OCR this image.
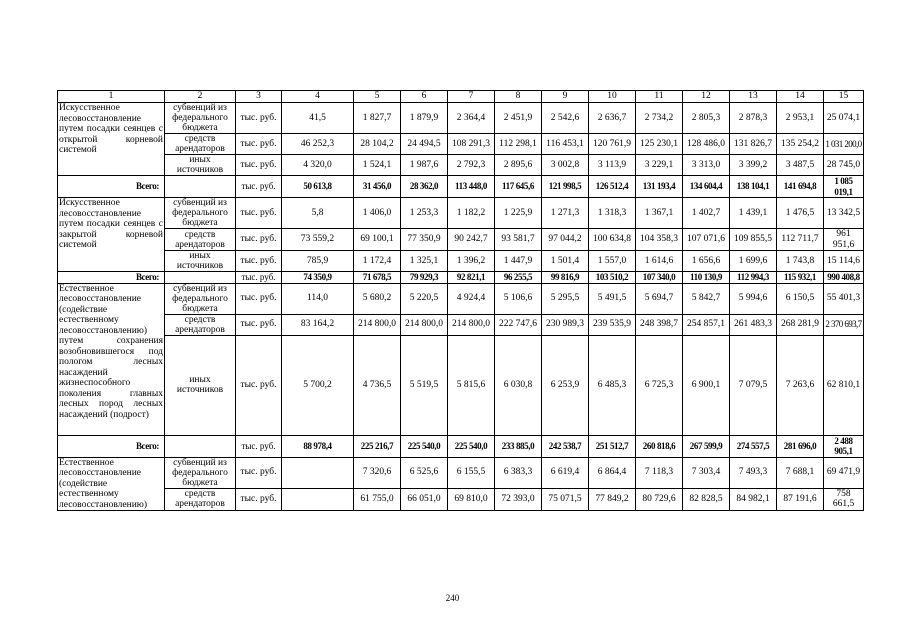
1	2	3	4	5	6	7	8	9	10	11	12	13	14	15
Искусственное лесовосстановление путем посадки сеянцев с открытой корневой системой	субвенций из федерального бюджета	тыс. руб.	41,5	1 827,7	1 879,9	2 364,4	2 451,9	2 542,6	2 636,7	2 734,2	2 805,3	2 878,3	2 953,1	25 074,1
	средств арендаторов	тыс. руб.	46 252,3	28 104,2	24 494,5	108 291,3	112 298,1	116 453,1	120 761,9	125 230,1	128 486,0	131 826,7	135 254,2	1 031 200,0
	иных источников	тыс. руб.	4 320,0	1 524,1	1 987,6	2 792,3	2 895,6	3 002,8	3 113,9	3 229,1	3 313,0	3 399,2	3 487,5	28 745,0
Всего:		тыс. руб.	50 613,8	31 456,0	28 362,0	113 448,0	117 645,6	121 998,5	126 512,4	131 193,4	134 604,4	138 104,1	141 694,8	1 085 019,1
Искусственное лесовосстановление путем посадки сеянцев с закрытой корневой системой	субвенций из федерального бюджета	тыс. руб.	5,8	1 406,0	1 253,3	1 182,2	1 225,9	1 271,3	1 318,3	1 367,1	1 402,7	1 439,1	1 476,5	13 342,5
	средств арендаторов	тыс. руб.	73 559,2	69 100,1	77 350,9	90 242,7	93 581,7	97 044,2	100 634,8	104 358,3	107 071,6	109 855,5	112 711,7	961 951,6
	иных источников	тыс. руб.	785,9	1 172,4	1 325,1	1 396,2	1 447,9	1 501,4	1 557,0	1 614,6	1 656,6	1 699,6	1 743,8	15 114,6
Всего:		тыс. руб.	74 350,9	71 678,5	79 929,3	92 821,1	96 255,5	99 816,9	103 510,2	107 340,0	110 130,9	112 994,3	115 932,1	990 408,8
Естественное лесовосстановление (содействие естественному лесовосстановлению) путем сохранения возобновившегося под пологом лесных насаждений жизнеспособного поколения главных лесных пород лесных насаждений (подрост)	субвенций из федерального бюджета	тыс. руб.	114,0	5 680,2	5 220,5	4 924,4	5 106,6	5 295,5	5 491,5	5 694,7	5 842,7	5 994,6	6 150,5	55 401,3
	средств арендаторов	тыс. руб.	83 164,2	214 800,0	214 800,0	214 800,0	222 747,6	230 989,3	239 535,9	248 398,7	254 857,1	261 483,3	268 281,9	2 370 693,7
	иных источников	тыс. руб.	5 700,2	4 736,5	5 519,5	5 815,6	6 030,8	6 253,9	6 485,3	6 725,3	6 900,1	7 079,5	7 263,6	62 810,1
Всего:		тыс. руб.	88 978,4	225 216,7	225 540,0	225 540,0	233 885,0	242 538,7	251 512,7	260 818,6	267 599,9	274 557,5	281 696,0	2 488 905,1
Естественное лесовосстановление (содействие естественному лесовосстановлению)	субвенций из федерального бюджета	тыс. руб.		7 320,6	6 525,6	6 155,5	6 383,3	6 619,4	6 864,4	7 118,3	7 303,4	7 493,3	7 688,1	69 471,9
	средств арендаторов	тыс. руб.		61 755,0	66 051,0	69 810,0	72 393,0	75 071,5	77 849,2	80 729,6	82 828,5	84 982,1	87 191,6	758 661,5
240
